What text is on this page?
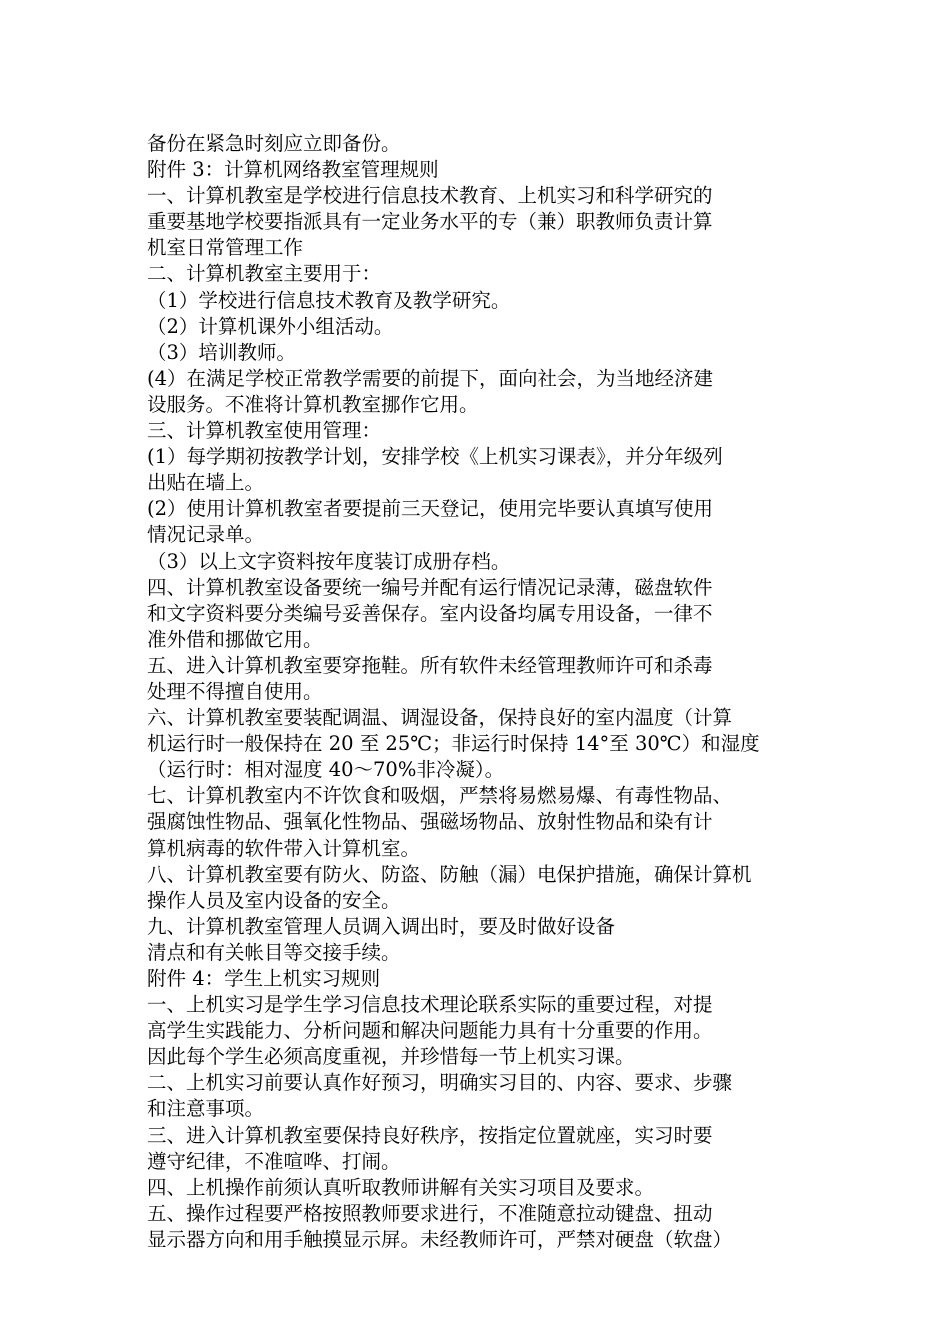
备份在紧急时刻应立即备份。
附件 3：计算机网络教室管理规则
一、计算机教室是学校进行信息技术教育、上机实习和科学研究的
重要基地学校要指派具有一定业务水平的专（兼）职教师负责计算
机室日常管理工作
二、计算机教室主要用于：
（1）学校进行信息技术教育及教学研究。
（2）计算机课外小组活动。
（3）培训教师。
(4）在满足学校正常教学需要的前提下，面向社会，为当地经济建
设服务。不准将计算机教室挪作它用。
三、计算机教室使用管理：
(1）每学期初按教学计划，安排学校《上机实习课表》，并分年级列
出贴在墙上。
(2）使用计算机教室者要提前三天登记，使用完毕要认真填写使用
情况记录单。
（3）以上文字资料按年度装订成册存档。
四、计算机教室设备要统一编号并配有运行情况记录薄，磁盘软件
和文字资料要分类编号妥善保存。室内设备均属专用设备，一律不
准外借和挪做它用。
五、进入计算机教室要穿拖鞋。所有软件未经管理教师许可和杀毒
处理不得擅自使用。
六、计算机教室要装配调温、调湿设备，保持良好的室内温度（计算
机运行时一般保持在 20 至 25℃；非运行时保持 14°至 30℃）和湿度
（运行时：相对湿度 40～70%非冷凝）。
七、计算机教室内不许饮食和吸烟，严禁将易燃易爆、有毒性物品、
强腐蚀性物品、强氧化性物品、强磁场物品、放射性物品和染有计
算机病毒的软件带入计算机室。
八、计算机教室要有防火、防盗、防触（漏）电保护措施，确保计算机
操作人员及室内设备的安全。
九、计算机教室管理人员调入调出时，要及时做好设备
清点和有关帐目等交接手续。
附件 4：学生上机实习规则
一、上机实习是学生学习信息技术理论联系实际的重要过程，对提
高学生实践能力、分析问题和解决问题能力具有十分重要的作用。
因此每个学生必须高度重视，并珍惜每一节上机实习课。
二、上机实习前要认真作好预习，明确实习目的、内容、要求、步骤
和注意事项。
三、进入计算机教室要保持良好秩序，按指定位置就座，实习时要
遵守纪律，不准喧哗、打闹。
四、上机操作前须认真听取教师讲解有关实习项目及要求。
五、操作过程要严格按照教师要求进行，不准随意拉动键盘、扭动
显示器方向和用手触摸显示屏。未经教师许可，严禁对硬盘（软盘）
